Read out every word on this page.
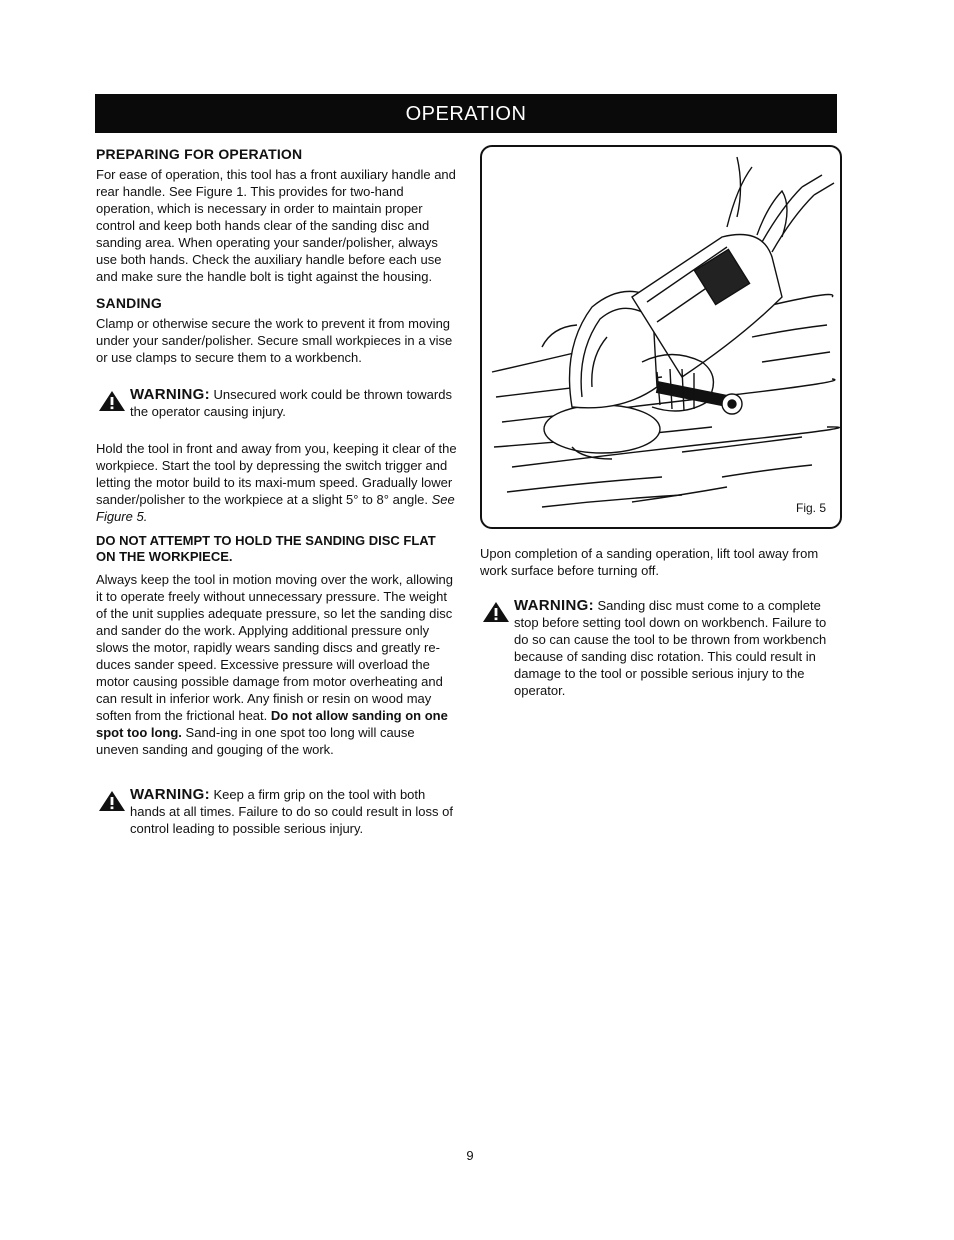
OPERATION
PREPARING FOR OPERATION

For ease of operation, this tool has a front auxiliary handle and rear handle. See Figure 1. This provides for two-hand operation, which is necessary in order to maintain proper control and keep both hands clear of the sanding disc and sanding area. When operating your sander/polisher, always use both hands. Check the auxiliary handle before each use and make sure the handle bolt is tight against the housing.

SANDING

Clamp or otherwise secure the work to prevent it from moving under your sander/polisher. Secure small workpieces in a vise or use clamps to secure them to a workbench.

WARNING: Unsecured work could be thrown towards the operator causing injury.

Hold the tool in front and away from you, keeping it clear of the workpiece. Start the tool by depressing the switch trigger and letting the motor build to its maxi-mum speed. Gradually lower sander/polisher to the workpiece at a slight 5° to 8° angle. See Figure 5.

DO NOT ATTEMPT TO HOLD THE SANDING DISC FLAT ON THE WORKPIECE.

Always keep the tool in motion moving over the work, allowing it to operate freely without unnecessary pressure. The weight of the unit supplies adequate pressure, so let the sanding disc and sander do the work. Applying additional pressure only slows the motor, rapidly wears sanding discs and greatly re-duces sander speed. Excessive pressure will overload the motor causing possible damage from motor overheating and can result in inferior work. Any finish or resin on wood may soften from the frictional heat. Do not allow sanding on one spot too long. Sand-ing in one spot too long will cause uneven sanding and gouging of the work.

WARNING: Keep a firm grip on the tool with both hands at all times. Failure to do so could result in loss of control leading to possible serious injury.
Fig. 5

Upon completion of a sanding operation, lift tool away from work surface before turning off.

WARNING: Sanding disc must come to a complete stop before setting tool down on workbench. Failure to do so can cause the tool to be thrown from workbench because of sanding disc rotation. This could result in damage to the tool or possible serious injury to the operator.
9
